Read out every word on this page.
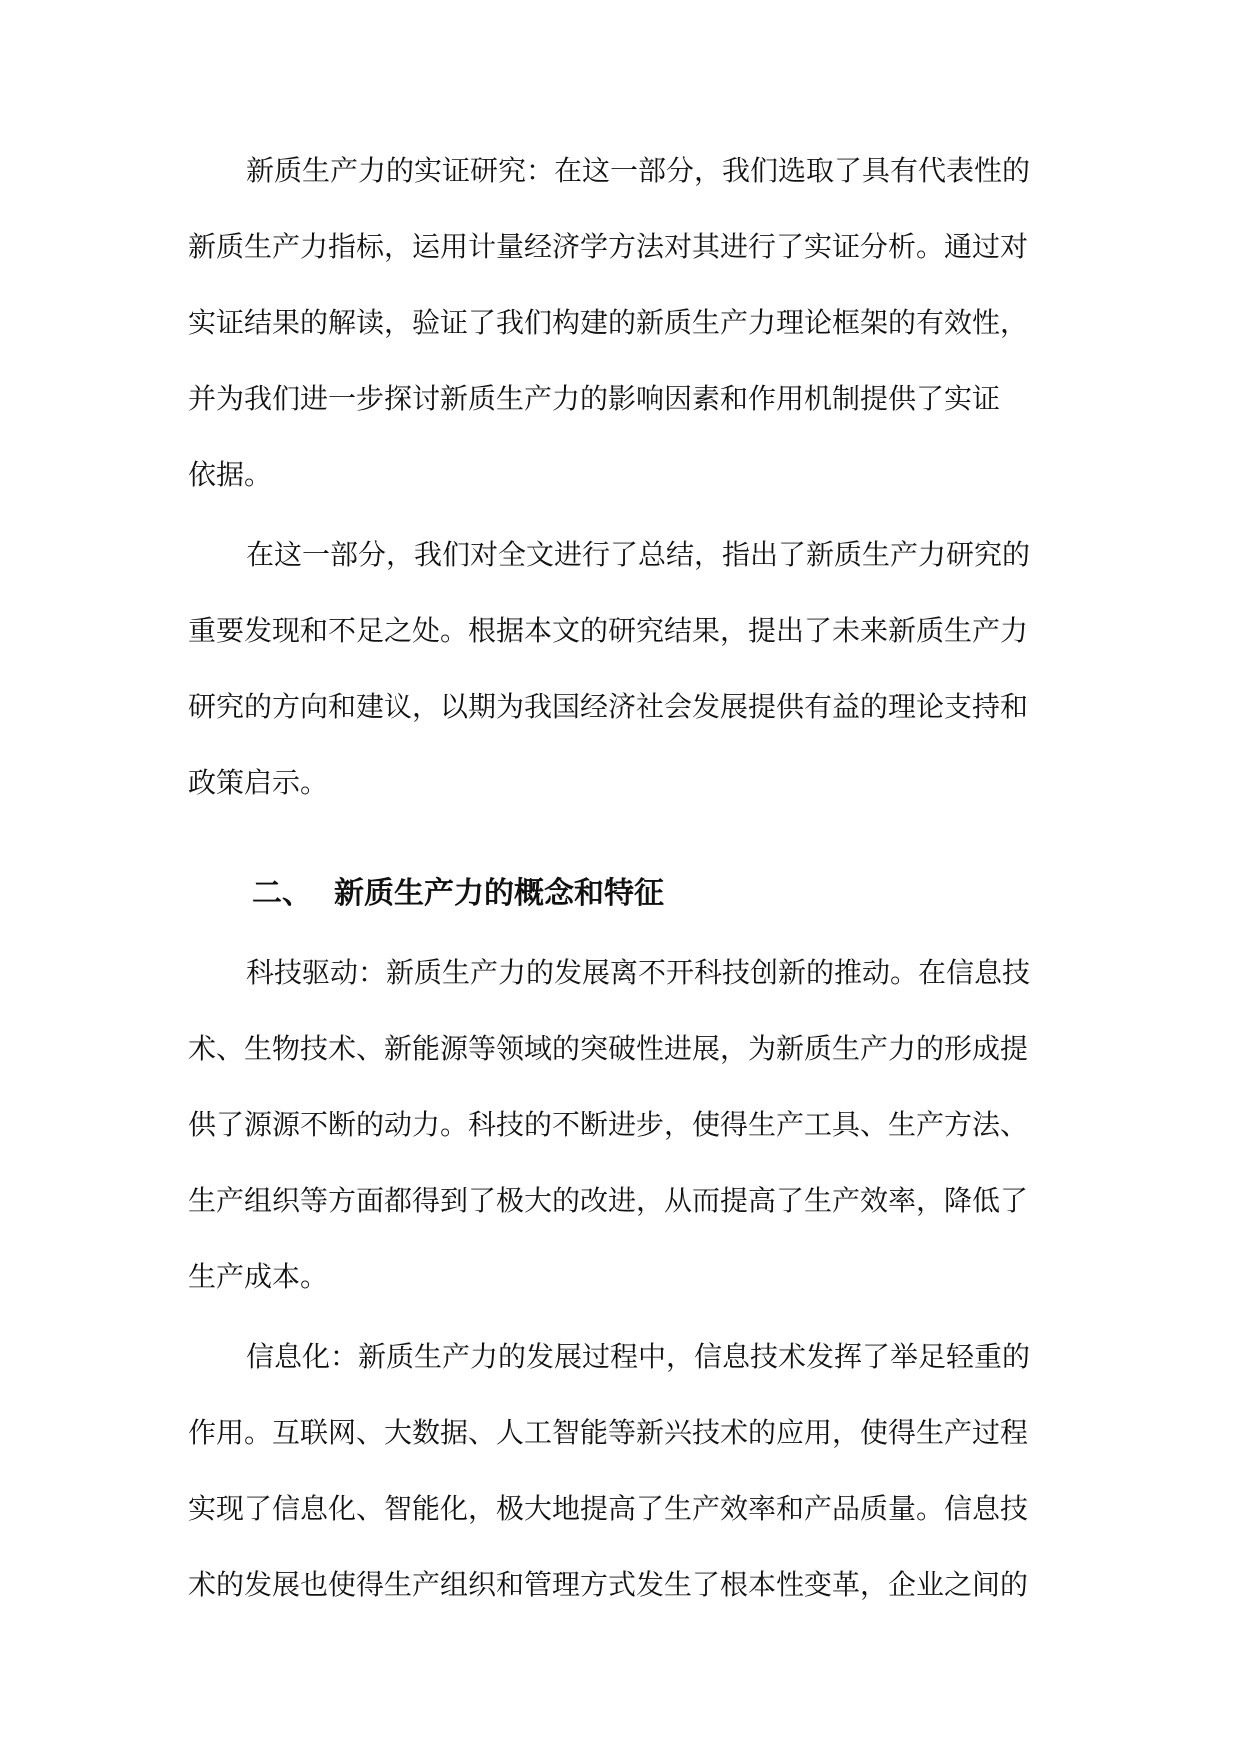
新质生产力的实证研究：在这一部分，我们选取了具有代表性的
新质生产力指标，运用计量经济学方法对其进行了实证分析。通过对
实证结果的解读，验证了我们构建的新质生产力理论框架的有效性，
并为我们进一步探讨新质生产力的影响因素和作用机制提供了实证
依据。
在这一部分，我们对全文进行了总结，指出了新质生产力研究的
重要发现和不足之处。根据本文的研究结果，提出了未来新质生产力
研究的方向和建议，以期为我国经济社会发展提供有益的理论支持和
政策启示。
二、 新质生产力的概念和特征
科技驱动：新质生产力的发展离不开科技创新的推动。在信息技
术、生物技术、新能源等领域的突破性进展，为新质生产力的形成提
供了源源不断的动力。科技的不断进步，使得生产工具、生产方法、
生产组织等方面都得到了极大的改进，从而提高了生产效率，降低了
生产成本。
信息化：新质生产力的发展过程中，信息技术发挥了举足轻重的
作用。互联网、大数据、人工智能等新兴技术的应用，使得生产过程
实现了信息化、智能化，极大地提高了生产效率和产品质量。信息技
术的发展也使得生产组织和管理方式发生了根本性变革，企业之间的
